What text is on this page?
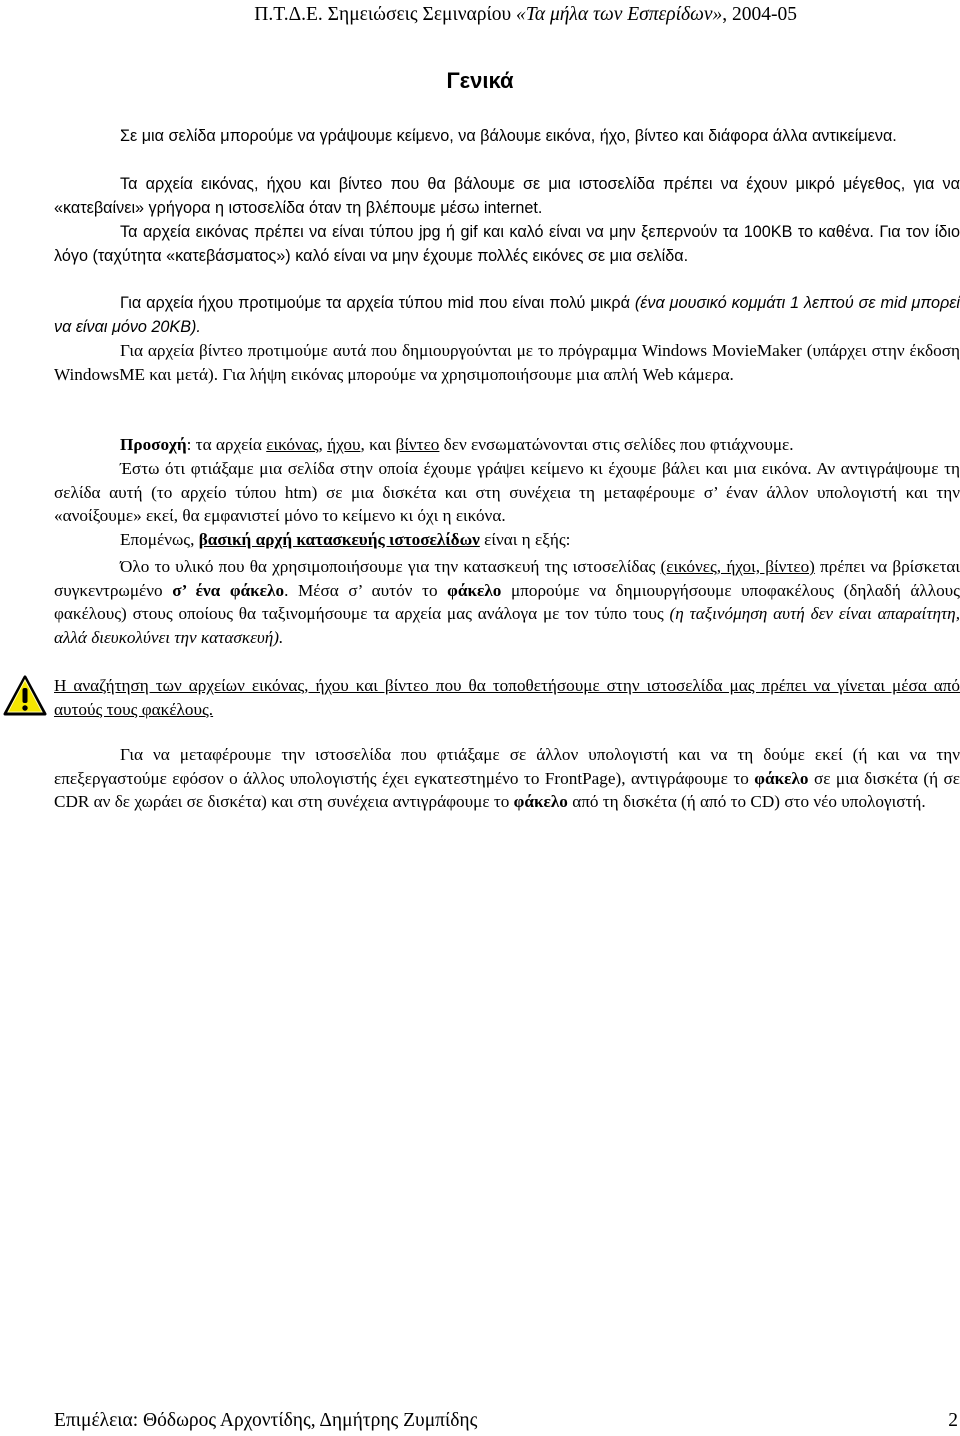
Π.Τ.Δ.Ε. Σημειώσεις Σεμιναρίου «Τα μήλα των Εσπερίδων», 2004-05
Γενικά

Σε μια σελίδα μπορούμε να γράψουμε κείμενο, να βάλουμε εικόνα, ήχο, βίντεο και διάφορα άλλα αντικείμενα.

Τα αρχεία εικόνας, ήχου και βίντεο που θα βάλουμε σε μια ιστοσελίδα πρέπει να έχουν μικρό μέγεθος, για να «κατεβαίνει» γρήγορα η ιστοσελίδα όταν τη βλέπουμε μέσω internet.

Τα αρχεία εικόνας πρέπει να είναι τύπου jpg ή gif και καλό είναι να μην ξεπερνούν τα 100KB το καθένα. Για τον ίδιο λόγο (ταχύτητα «κατεβάσματος») καλό είναι να μην έχουμε πολλές εικόνες σε μια σελίδα.

Για αρχεία ήχου προτιμούμε τα αρχεία τύπου mid που είναι πολύ μικρά (ένα μουσικό κομμάτι 1 λεπτού σε mid μπορεί να είναι μόνο 20KB).

Για αρχεία βίντεο προτιμούμε αυτά που δημιουργούνται με το πρόγραμμα Windows MovieMaker (υπάρχει στην έκδοση WindowsME και μετά). Για λήψη εικόνας μπορούμε να χρησιμοποιήσουμε μια απλή Web κάμερα.

Προσοχή: τα αρχεία εικόνας, ήχου, και βίντεο δεν ενσωματώνονται στις σελίδες που φτιάχνουμε.

Έστω ότι φτιάξαμε μια σελίδα στην οποία έχουμε γράψει κείμενο κι έχουμε βάλει και μια εικόνα. Αν αντιγράψουμε τη σελίδα αυτή (το αρχείο τύπου htm) σε μια δισκέτα και στη συνέχεια τη μεταφέρουμε σ’ έναν άλλον υπολογιστή και την «ανοίξουμε» εκεί, θα εμφανιστεί μόνο το κείμενο κι όχι η εικόνα.

Επομένως, βασική αρχή κατασκευής ιστοσελίδων είναι η εξής:

Όλο το υλικό που θα χρησιμοποιήσουμε για την κατασκευή της ιστοσελίδας (εικόνες, ήχοι, βίντεο) πρέπει να βρίσκεται συγκεντρωμένο σ’ ένα φάκελο. Μέσα σ’ αυτόν το φάκελο μπορούμε να δημιουργήσουμε υποφακέλους (δηλαδή άλλους φακέλους) στους οποίους θα ταξινομήσουμε τα αρχεία μας ανάλογα με τον τύπο τους (η ταξινόμηση αυτή δεν είναι απαραίτητη, αλλά διευκολύνει την κατασκευή).

Η αναζήτηση των αρχείων εικόνας, ήχου και βίντεο που θα τοποθετήσουμε στην ιστοσελίδα μας πρέπει να γίνεται μέσα από αυτούς τους φακέλους.

Για να μεταφέρουμε την ιστοσελίδα που φτιάξαμε σε άλλον υπολογιστή και να τη δούμε εκεί (ή και να την επεξεργαστούμε εφόσον ο άλλος υπολογιστής έχει εγκατεστημένο το FrontPage), αντιγράφουμε το φάκελο σε μια δισκέτα (ή σε CDR αν δε χωράει σε δισκέτα) και στη συνέχεια αντιγράφουμε το φάκελο από τη δισκέτα (ή από το CD) στο νέο υπολογιστή.

Επιμέλεια: Θόδωρος Αρχοντίδης, Δημήτρης Ζυμπίδης	2
